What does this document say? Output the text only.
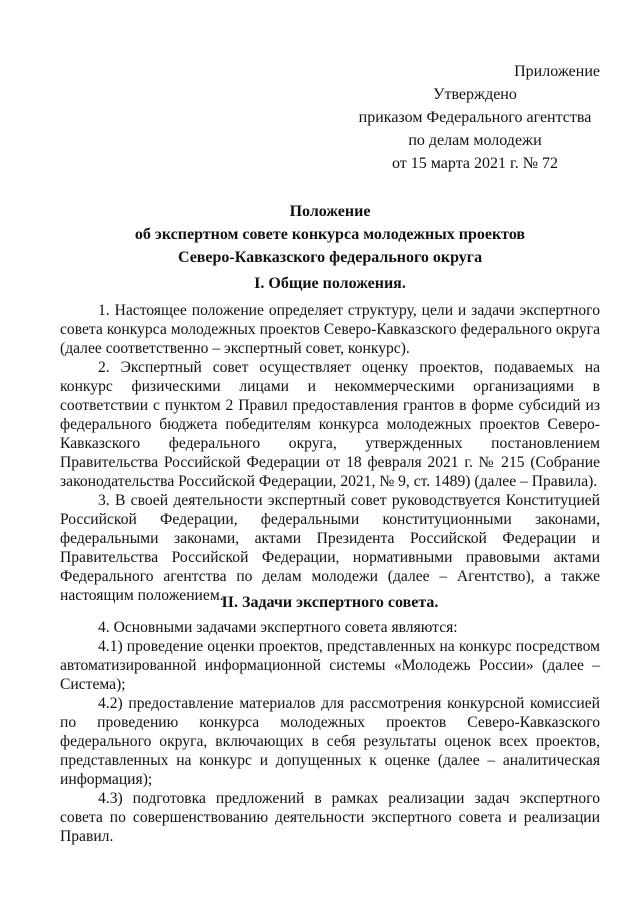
Приложение
Утверждено
приказом Федерального агентства
по делам молодежи
от 15 марта 2021 г. № 72
Положение
об экспертном совете конкурса молодежных проектов
Северо-Кавказского федерального округа
I. Общие положения.

1. Настоящее положение определяет структуру, цели и задачи экспертного совета конкурса молодежных проектов Северо-Кавказского федерального округа (далее соответственно – экспертный совет, конкурс).

2. Экспертный совет осуществляет оценку проектов, подаваемых на конкурс физическими лицами и некоммерческими организациями в соответствии с пунктом 2 Правил предоставления грантов в форме субсидий из федерального бюджета победителям конкурса молодежных проектов Северо-Кавказского федерального округа, утвержденных постановлением Правительства Российской Федерации от 18 февраля 2021 г. № 215 (Собрание законодательства Российской Федерации, 2021, № 9, ст. 1489) (далее – Правила).

3. В своей деятельности экспертный совет руководствуется Конституцией Российской Федерации, федеральными конституционными законами, федеральными законами, актами Президента Российской Федерации и Правительства Российской Федерации, нормативными правовыми актами Федерального агентства по делам молодежи (далее – Агентство), а также настоящим положением.

II. Задачи экспертного совета.

4. Основными задачами экспертного совета являются:

4.1) проведение оценки проектов, представленных на конкурс посредством автоматизированной информационной системы «Молодежь России» (далее – Система);

4.2) предоставление материалов для рассмотрения конкурсной комиссией по проведению конкурса молодежных проектов Северо-Кавказского федерального округа, включающих в себя результаты оценок всех проектов, представленных на конкурс и допущенных к оценке (далее – аналитическая информация);

4.3) подготовка предложений в рамках реализации задач экспертного совета по совершенствованию деятельности экспертного совета и реализации Правил.
